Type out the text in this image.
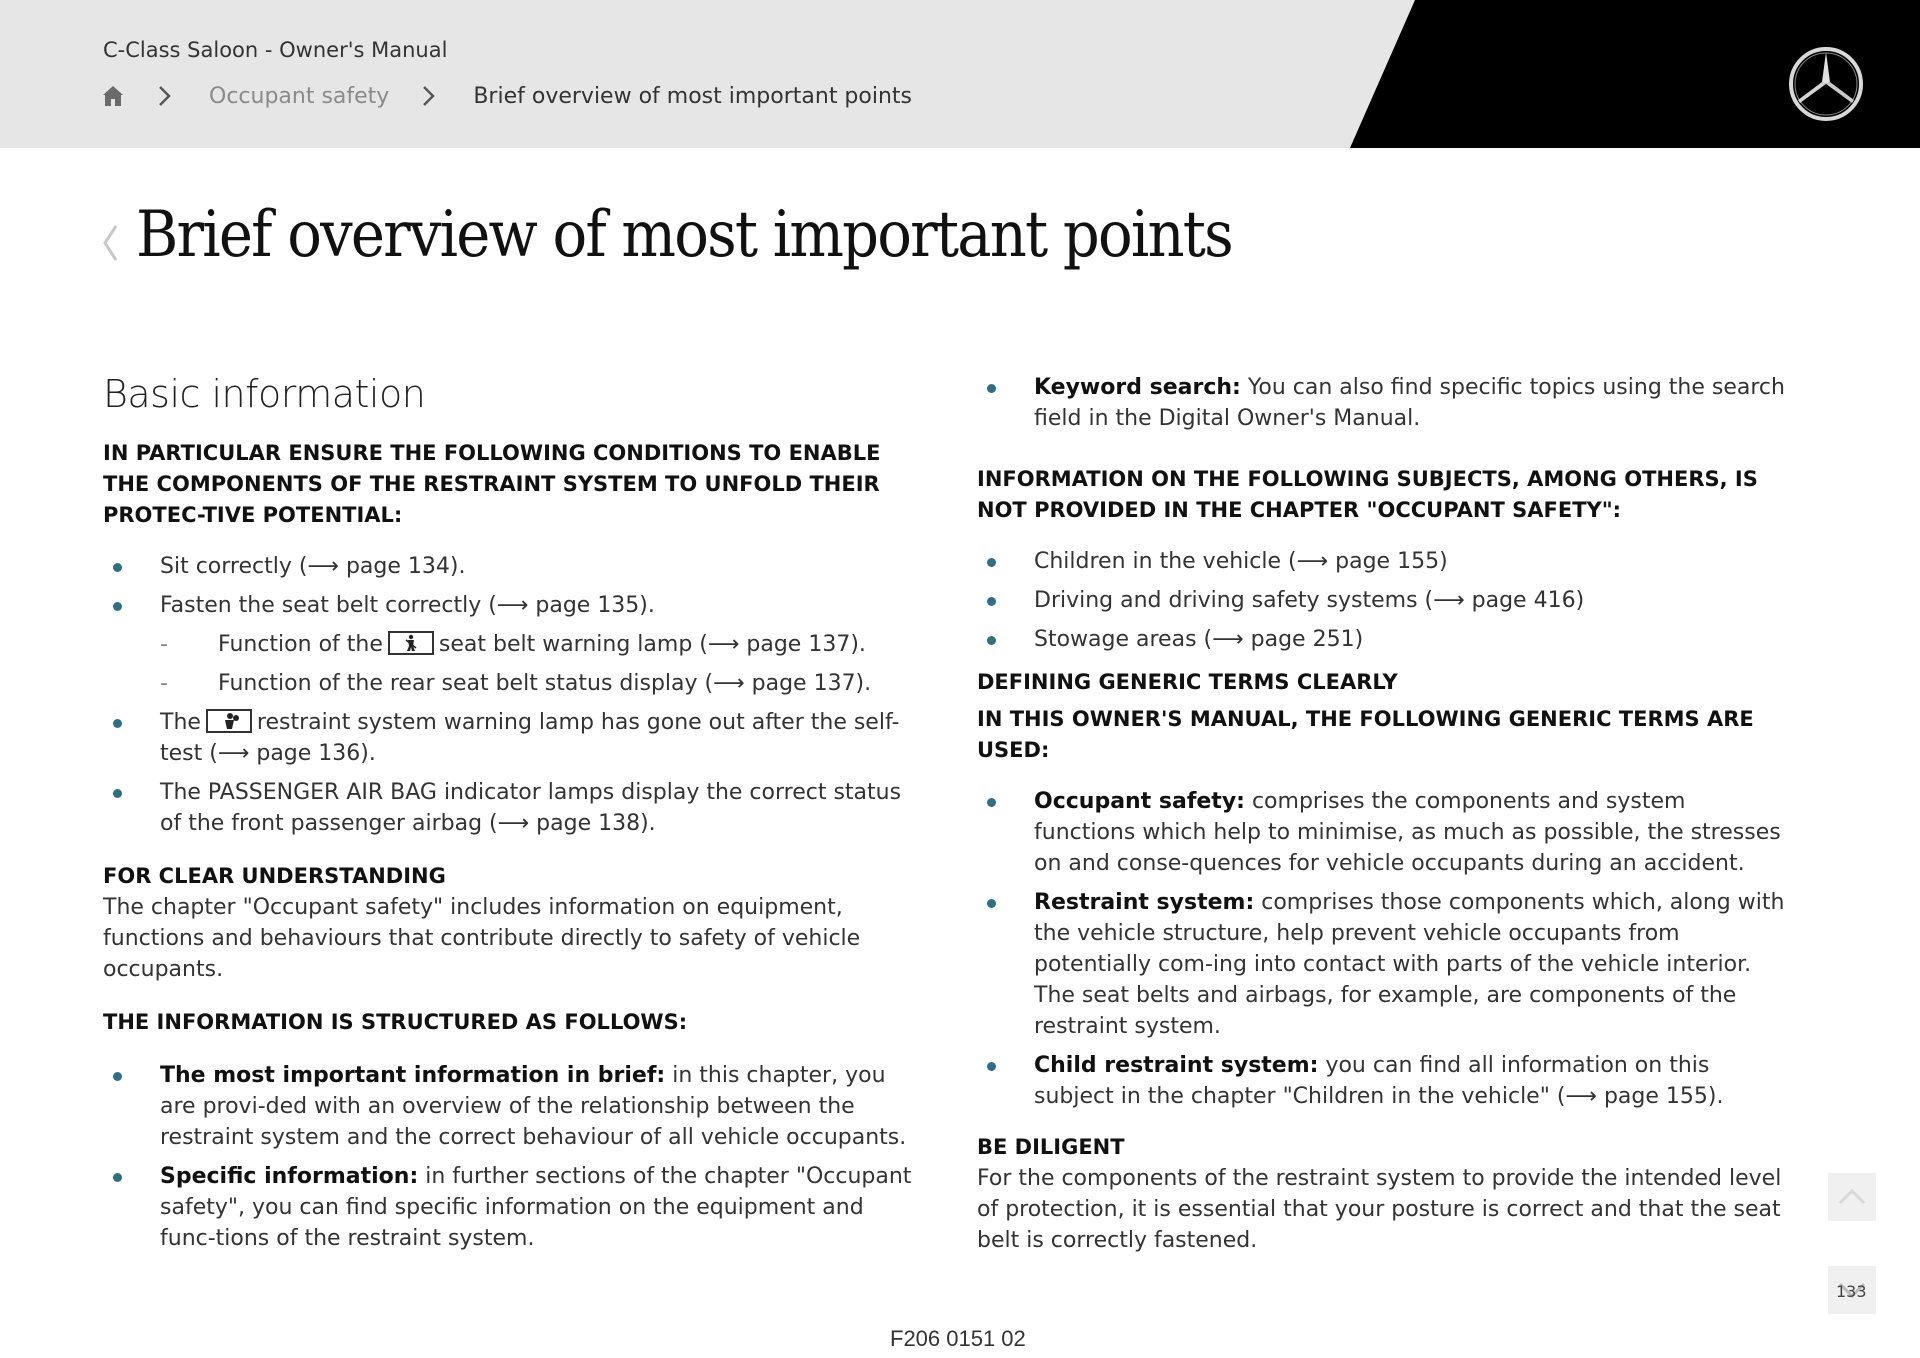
C-Class Saloon - Owner's Manual
Occupant safety	Brief overview of most important points
Brief overview of most important points
Basic information
IN PARTICULAR ENSURE THE FOLLOWING CONDITIONS TO ENABLE THE COMPONENTS OF THE RESTRAINT SYSTEM TO UNFOLD THEIR PROTEC-TIVE POTENTIAL:
Sit correctly (⟶ page 134).
Fasten the seat belt correctly (⟶ page 135).
- Function of the	seat belt warning lamp (⟶ page 137).
- Function of the rear seat belt status display (⟶ page 137).
The	restraint system warning lamp has gone out after the self-test (⟶ page 136).
The PASSENGER AIR BAG indicator lamps display the correct status of the front passenger airbag (⟶ page 138).
FOR CLEAR UNDERSTANDING
The chapter "Occupant safety" includes information on equipment, functions and behaviours that contribute directly to safety of vehicle occupants.
THE INFORMATION IS STRUCTURED AS FOLLOWS:
The most important information in brief: in this chapter, you are provi-ded with an overview of the relationship between the restraint system and the correct behaviour of all vehicle occupants.
Specific information: in further sections of the chapter "Occupant safety", you can find specific information on the equipment and func-tions of the restraint system.
Keyword search: You can also find specific topics using the search field in the Digital Owner's Manual.
INFORMATION ON THE FOLLOWING SUBJECTS, AMONG OTHERS, IS NOT PROVIDED IN THE CHAPTER "OCCUPANT SAFETY":
Children in the vehicle (⟶ page 155)
Driving and driving safety systems (⟶ page 416)
Stowage areas (⟶ page 251)
DEFINING GENERIC TERMS CLEARLY
IN THIS OWNER'S MANUAL, THE FOLLOWING GENERIC TERMS ARE USED:
Occupant safety: comprises the components and system functions which help to minimise, as much as possible, the stresses on and conse-quences for vehicle occupants during an accident.
Restraint system: comprises those components which, along with the vehicle structure, help prevent vehicle occupants from potentially com-ing into contact with parts of the vehicle interior. The seat belts and airbags, for example, are components of the restraint system.
Child restraint system: you can find all information on this subject in the chapter "Children in the vehicle" (⟶ page 155).
BE DILIGENT
For the components of the restraint system to provide the intended level of protection, it is essential that your posture is correct and that the seat belt is correctly fastened.
F206 0151 02
133
